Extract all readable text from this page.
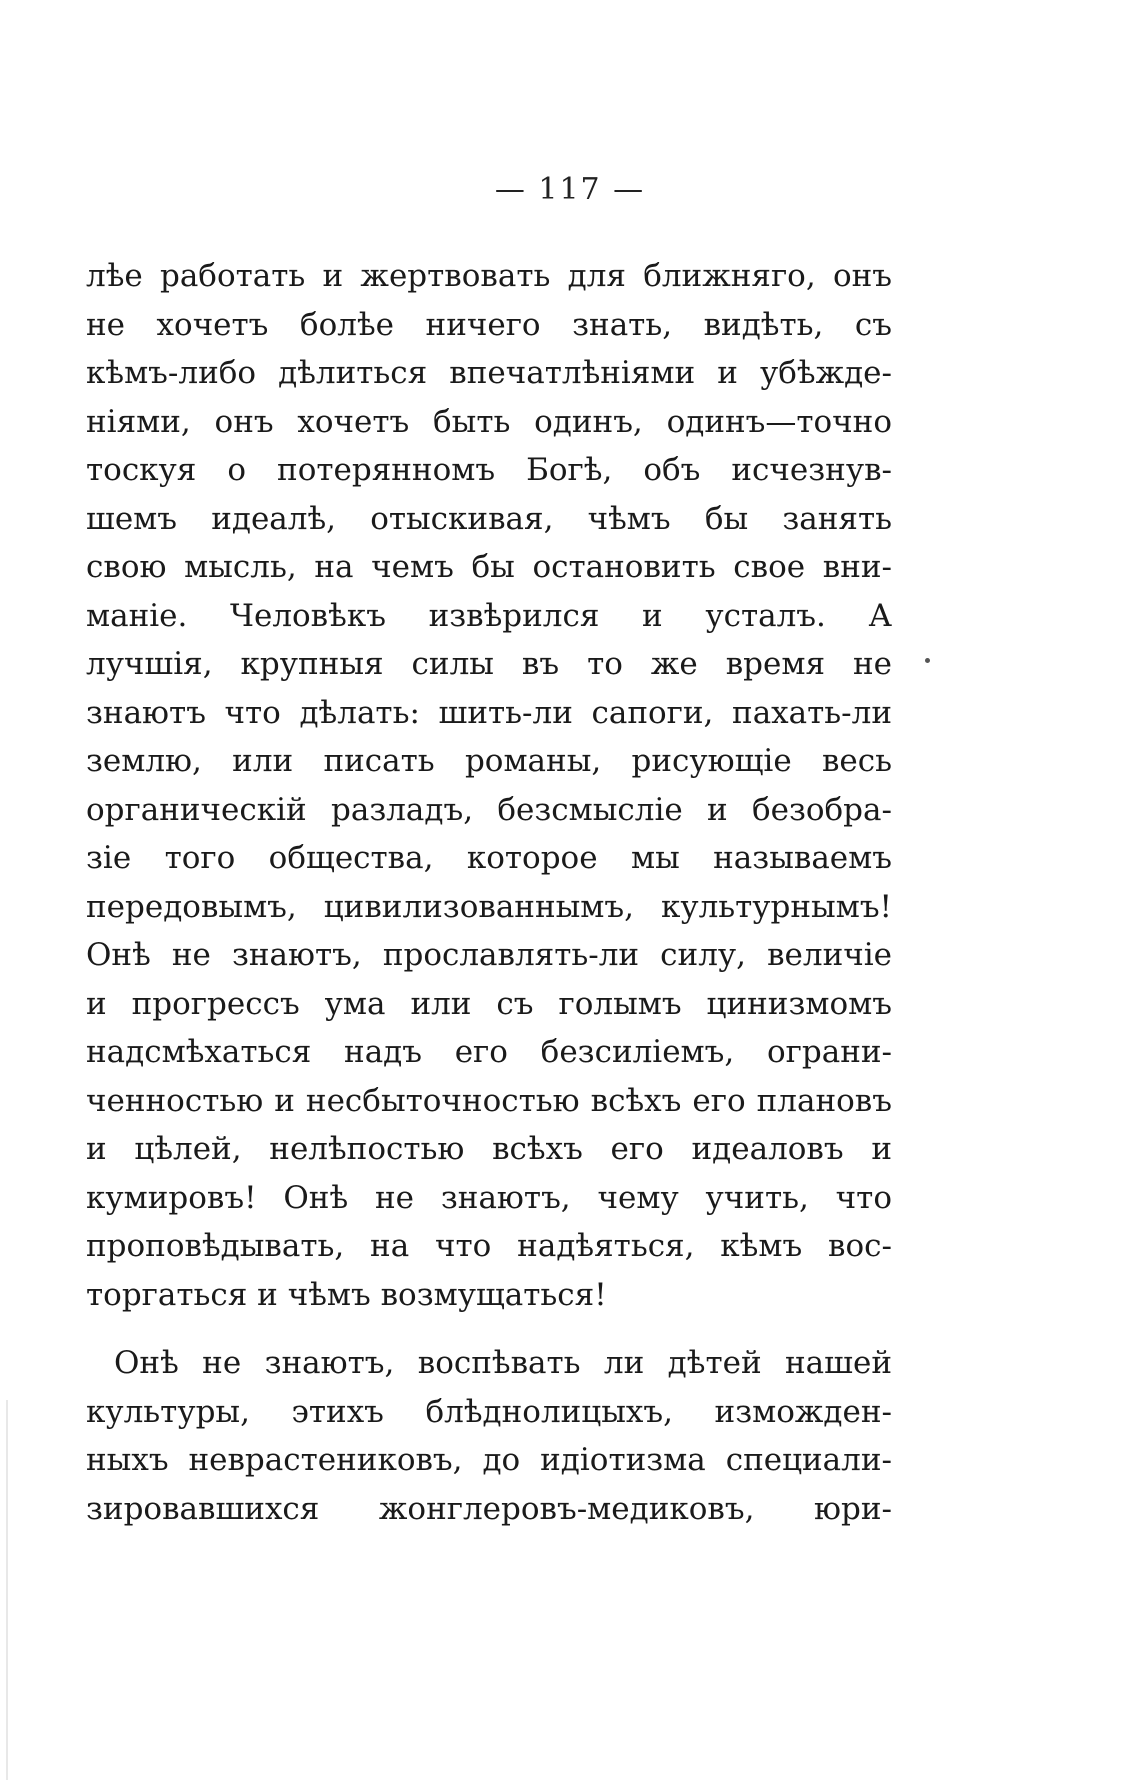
— 117 —
лѣе работать и жертвовать для ближняго, онъ
не хочетъ болѣе ничего знать, видѣть, съ
кѣмъ-либо дѣлиться впечатлѣніями и убѣжде-
ніями, онъ хочетъ быть одинъ, одинъ—точно
тоскуя о потерянномъ Богѣ, объ исчезнув-
шемъ идеалѣ, отыскивая, чѣмъ бы занять
свою мысль, на чемъ бы остановить свое вни-
маніе. Человѣкъ извѣрился и усталъ. А
лучшія, крупныя силы въ то же время не
знаютъ что дѣлать: шить-ли сапоги, пахать-ли
землю, или писать романы, рисующіе весь
органическій разладъ, безсмысліе и безобра-
зіе того общества, которое мы называемъ
передовымъ, цивилизованнымъ, культурнымъ!
Онѣ не знаютъ, прославлять-ли силу, величіе
и прогрессъ ума или съ голымъ цинизмомъ
надсмѣхаться надъ его безсиліемъ, ограни-
ченностью и несбыточностью всѣхъ его плановъ
и цѣлей, нелѣпостью всѣхъ его идеаловъ и
кумировъ! Онѣ не знаютъ, чему учить, что
проповѣдывать, на что надѣяться, кѣмъ вос-
торгаться и чѣмъ возмущаться!
Онѣ не знаютъ, воспѣвать ли дѣтей нашей
культуры, этихъ блѣднолицыхъ, изможден-
ныхъ неврастениковъ, до идіотизма специали-
зировавшихся жонглеровъ-медиковъ, юри-
